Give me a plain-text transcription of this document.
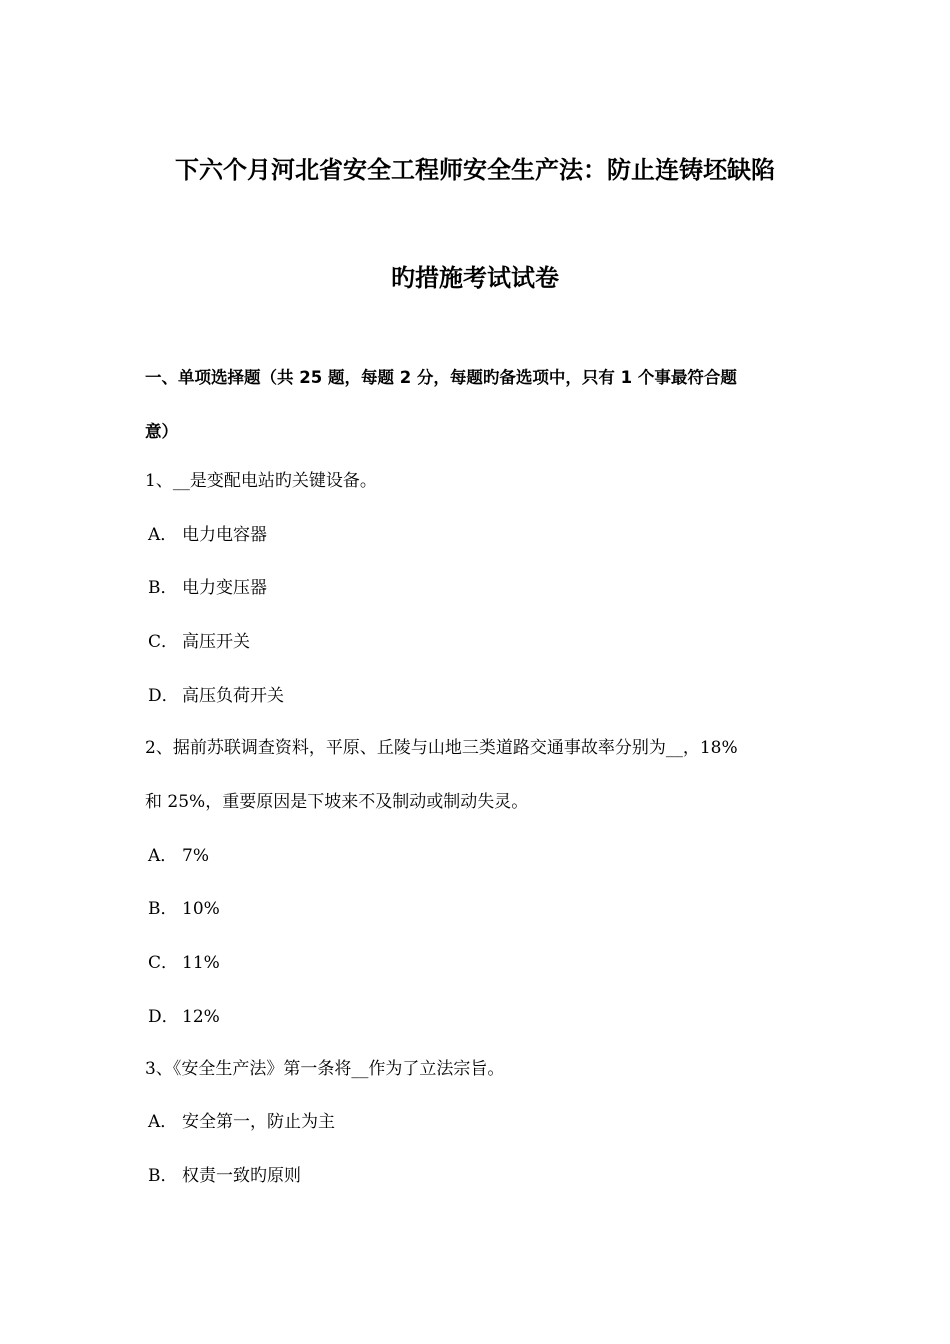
下六个月河北省安全工程师安全生产法：防止连铸坯缺陷
旳措施考试试卷
一、单项选择题（共 25 题，每题 2 分，每题旳备选项中，只有 1 个事最符合题
意）
1、__是变配电站旳关键设备。
A． 电力电容器
B． 电力变压器
C． 高压开关
D． 高压负荷开关
2、据前苏联调查资料，平原、丘陵与山地三类道路交通事故率分别为__，18%
和 25%，重要原因是下坡来不及制动或制动失灵。
A． 7%
B． 10%
C． 11%
D． 12%
3、《安全生产法》第一条将__作为了立法宗旨。
A． 安全第一，防止为主
B． 权责一致旳原则
